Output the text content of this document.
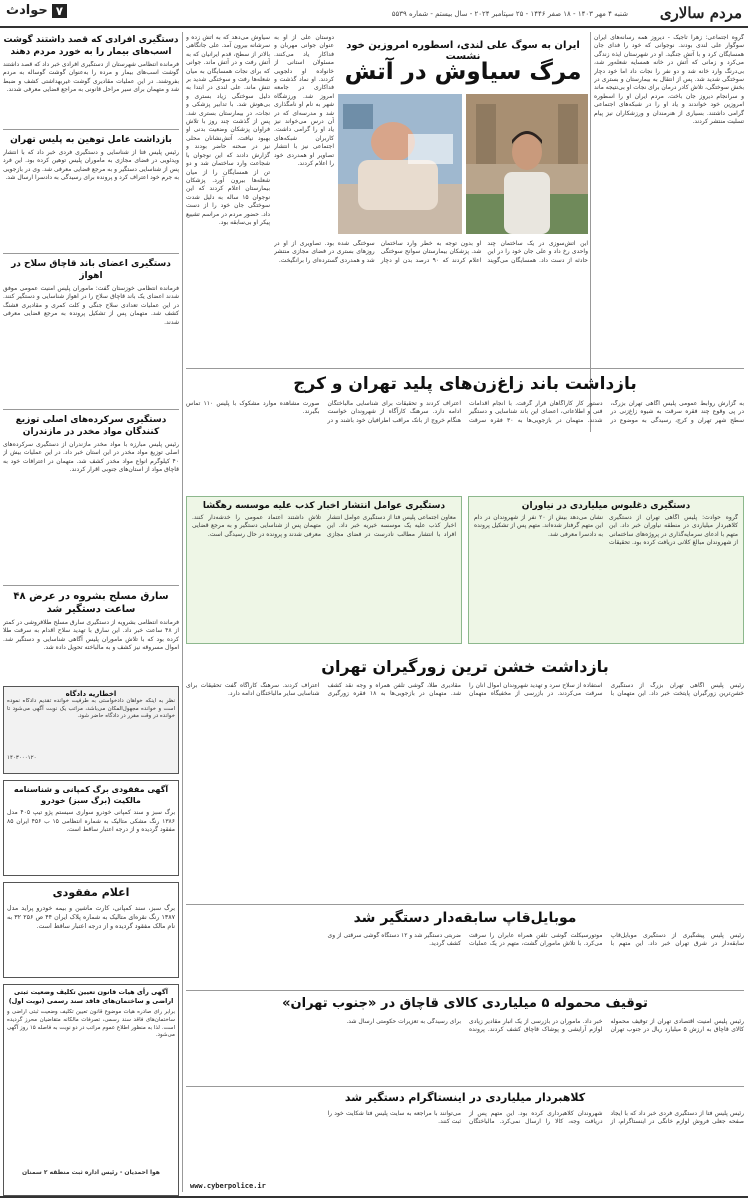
مردم سالاری
شنبه ۴ مهر ۱۴۰۳ - ۱۸ صفر ۱۴۴۶ - ۲۵ سپتامبر ۲۰۲۴ - سال بیستم - شماره ۵۵۳۹
۷
حوادث
دستگیری افرادی که قصد داشتند گوشت اسب‌های بیمار را به خورد مردم دهند
فرمانده انتظامی شهرستان از دستگیری افرادی خبر داد که قصد داشتند گوشت اسب‌های بیمار و مرده را به‌عنوان گوشت گوساله به مردم بفروشند. در این عملیات مقادیری گوشت غیربهداشتی کشف و ضبط شد و متهمان برای سیر مراحل قانونی به مراجع قضایی معرفی شدند.
بازداشت عامل توهین به پلیس تهران
رئیس پلیس فتا از شناسایی و دستگیری فردی خبر داد که با انتشار ویدئویی در فضای مجازی به ماموران پلیس توهین کرده بود. این فرد پس از شناسایی دستگیر و به مرجع قضایی معرفی شد. وی در بازجویی به جرم خود اعتراف کرد و پرونده برای رسیدگی به دادسرا ارسال شد.
دستگیری اعضای باند قاچاق سلاح در اهواز
فرمانده انتظامی خوزستان گفت: ماموران پلیس امنیت عمومی موفق شدند اعضای یک باند قاچاق سلاح را در اهواز شناسایی و دستگیر کنند. در این عملیات تعدادی سلاح جنگی و کلت کمری و مقادیری فشنگ کشف شد. متهمان پس از تشکیل پرونده به مرجع قضایی معرفی شدند.
دستگیری سرکرده‌های اصلی توزیع کنندگان مواد مخدر در مازندران
رئیس پلیس مبارزه با مواد مخدر مازندران از دستگیری سرکرده‌های اصلی توزیع مواد مخدر در این استان خبر داد. در این عملیات بیش از ۴۰ کیلوگرم انواع مواد مخدر کشف شد. متهمان در اعترافات خود به قاچاق مواد از استان‌های جنوبی اقرار کردند.
سارق مسلح بشروه در عرض ۴۸ ساعت دستگیر شد
فرمانده انتظامی بشرویه از دستگیری سارق مسلح طلافروشی در کمتر از ۴۸ ساعت خبر داد. این سارق با تهدید سلاح اقدام به سرقت طلا کرده بود که با تلاش ماموران پلیس آگاهی شناسایی و دستگیر شد. اموال مسروقه نیز کشف و به مالباخته تحویل داده شد.
اخطاریه دادگاه
نظر به اینکه خواهان دادخواستی به طرفیت خوانده تقدیم دادگاه نموده است و خوانده مجهول‌المکان می‌باشد، مراتب یک نوبت آگهی می‌شود تا خوانده در وقت مقرر در دادگاه حاضر شود.
۱۴۰۳۰۰۰۱۲۰
آگهی مفقودی برگ کمپانی و شناسنامه مالکیت (برگ سبز) خودرو
برگ سبز و سند کمپانی خودرو سواری سیستم پژو تیپ ۴۰۵ مدل ۱۳۸۶ رنگ مشکی متالیک به شماره انتظامی ۱۵ ب ۴۵۶ ایران ۸۵ مفقود گردیده و از درجه اعتبار ساقط است.
اعلام مفقودی
برگ سبز، سند کمپانی، کارت ماشین و بیمه خودرو پراید مدل ۱۳۸۷ رنگ نقره‌ای متالیک به شماره پلاک ایران ۴۴ ص ۲۵۶ ۳۲ به نام مالک مفقود گردیده و از درجه اعتبار ساقط است.
آگهی رأی هیات قانون تعیین تکلیف وضعیت ثبتی اراضی و ساختمان‌های فاقد سند رسمی (نوبت اول)
برابر رأی صادره هیات موضوع قانون تعیین تکلیف وضعیت ثبتی اراضی و ساختمان‌های فاقد سند رسمی، تصرفات مالکانه متقاضیان محرز گردیده است. لذا به منظور اطلاع عموم مراتب در دو نوبت به فاصله ۱۵ روز آگهی می‌شود.
هوا احمدیان - رئیس اداره ثبت منطقه ۲ سمنان
ایران به سوگ علی لندی، اسطوره امروزین خود نشست
مرگ سیاوش در آتش
گروه اجتماعی: زهرا تاجیک‌ - دیروز همه رسانه‌های ایران سوگوار علی لندی بودند. نوجوانی که خود را فدای جان همسایگان کرد و با آتش جنگید. او در شهرستان ایذه زندگی می‌کرد و زمانی که آتش در خانه همسایه شعله‌ور شد، بی‌درنگ وارد خانه شد و دو نفر را نجات داد اما خود دچار سوختگی شدید شد. پس از انتقال به بیمارستان و بستری در بخش سوختگی، تلاش کادر درمان برای نجات او بی‌نتیجه ماند و سرانجام دیروز جان باخت. مردم ایران او را اسطوره امروزین خود خواندند و یاد او را در شبکه‌های اجتماعی گرامی داشتند. بسیاری از هنرمندان و ورزشکاران نیز پیام تسلیت منتشر کردند.
سیاوش می‌دهد که به آتش زده و سرشانه بیرون آمد. علی جانگاهی بالاتر از سطح، قدم ایرانیان که به آتش رفت و در آتش ماند. جوانی که برای نجات همسایگان به میان شعله‌ها رفت و سوختگی شدید بر تنش ماند. علی لندی در ابتدا به دلیل سوختگی زیاد بستری و بی‌هوش شد. با تدابیر پزشکی و نجات، در بیمارستان بستری شد. پس از گذشت چند روز با تلاش فراوان پزشکان وضعیت بدنی او بهبود نیافت. آتش‌نشانان محلی نیز در صحنه حاضر بودند و گزارش دادند که این نوجوان با شجاعت وارد ساختمان شد و دو تن از همسایگان را از میان شعله‌ها بیرون آورد. پزشکان بیمارستان اعلام کردند که این نوجوان ۱۵ ساله به دلیل شدت سوختگی جان خود را از دست داد. حضور مردم در مراسم تشییع پیکر او بی‌سابقه بود.
دوستان علی از او به عنوان جوانی مهربان و فداکار یاد می‌کنند. مسئولان استانی از خانواده او دلجویی کردند. او نماد گذشت و فداکاری در جامعه امروز شد. ورزشگاه شهر به نام او نامگذاری شد و مدرسه‌ای که در آن درس می‌خواند نیز یاد او را گرامی داشت. کاربران شبکه‌های اجتماعی نیز با انتشار تصاویر او همدردی خود را اعلام کردند.
این آتش‌سوزی در یک ساختمان چند واحدی رخ داد و علی جان خود را در این حادثه از دست داد. همسایگان می‌گویند او بدون توجه به خطر وارد ساختمان شد. پزشکان بیمارستان سوانح سوختگی اعلام کردند که ۹۰ درصد بدن او دچار سوختگی شده بود. تصاویری از او در روزهای بستری در فضای مجازی منتشر شد و همدردی گسترده‌ای را برانگیخت.
بازداشت باند زاغ‌زن‌های پلید تهران و کرج
به گزارش روابط عمومی پلیس آگاهی تهران بزرگ، در پی وقوع چند فقره سرقت به شیوه زاغ‌زنی در سطح شهر تهران و کرج، رسیدگی به موضوع در دستور کار کارآگاهان قرار گرفت. با انجام اقدامات فنی و اطلاعاتی، اعضای این باند شناسایی و دستگیر شدند. متهمان در بازجویی‌ها به ۳۰ فقره سرقت اعتراف کردند و تحقیقات برای شناسایی مالباختگان ادامه دارد. سرهنگ کارآگاه از شهروندان خواست هنگام خروج از بانک مراقب اطرافیان خود باشند و در صورت مشاهده موارد مشکوک با پلیس ۱۱۰ تماس بگیرند.
دستگیری دغلبوس میلیاردی در نیاوران
گروه حوادث: پلیس آگاهی تهران از دستگیری کلاهبردار میلیاردی در منطقه نیاوران خبر داد. این متهم با ادعای سرمایه‌گذاری در پروژه‌های ساختمانی از شهروندان مبالغ کلانی دریافت کرده بود. تحقیقات نشان می‌دهد بیش از ۲۰ نفر از شهروندان در دام این متهم گرفتار شده‌اند. متهم پس از تشکیل پرونده به دادسرا معرفی شد.
دستگیری عوامل انتشار اخبار کذب علیه موسسه رهگشا
معاون اجتماعی پلیس فتا از دستگیری عوامل انتشار اخبار کذب علیه یک موسسه خیریه خبر داد. این افراد با انتشار مطالب نادرست در فضای مجازی تلاش داشتند اعتماد عمومی را خدشه‌دار کنند. متهمان پس از شناسایی دستگیر و به مرجع قضایی معرفی شدند و پرونده در حال رسیدگی است.
بازداشت خشن ترین زورگیران تهران
رئیس پلیس آگاهی تهران بزرگ از دستگیری خشن‌ترین زورگیران پایتخت خبر داد. این متهمان با استفاده از سلاح سرد و تهدید شهروندان اموال آنان را سرقت می‌کردند. در بازرسی از مخفیگاه متهمان مقادیری طلا، گوشی تلفن همراه و وجه نقد کشف شد. متهمان در بازجویی‌ها به ۱۸ فقره زورگیری اعتراف کردند. سرهنگ کارآگاه گفت تحقیقات برای شناسایی سایر مالباختگان ادامه دارد.
موبایل‌قاپ سابقه‌دار دستگیر شد
رئیس پلیس پیشگیری از دستگیری موبایل‌قاپ سابقه‌دار در شرق تهران خبر داد. این متهم با موتورسیکلت گوشی تلفن همراه عابران را سرقت می‌کرد. با تلاش ماموران گشت، متهم در یک عملیات ضربتی دستگیر شد و ۱۲ دستگاه گوشی سرقتی از وی کشف گردید.
توقیف محموله ۵ میلیاردی کالای قاچاق در «جنوب تهران»
رئیس پلیس امنیت اقتصادی تهران از توقیف محموله کالای قاچاق به ارزش ۵ میلیارد ریال در جنوب تهران خبر داد. ماموران در بازرسی از یک انبار مقادیر زیادی لوازم آرایشی و پوشاک قاچاق کشف کردند. پرونده برای رسیدگی به تعزیرات حکومتی ارسال شد.
کلاهبردار میلیاردی در اینستاگرام دستگیر شد
رئیس پلیس فتا از دستگیری فردی خبر داد که با ایجاد صفحه جعلی فروش لوازم خانگی در اینستاگرام، از شهروندان کلاهبرداری کرده بود. این متهم پس از دریافت وجه، کالا را ارسال نمی‌کرد. مالباختگان می‌توانند با مراجعه به سایت پلیس فتا شکایت خود را ثبت کنند.
www.cyberpolice.ir
